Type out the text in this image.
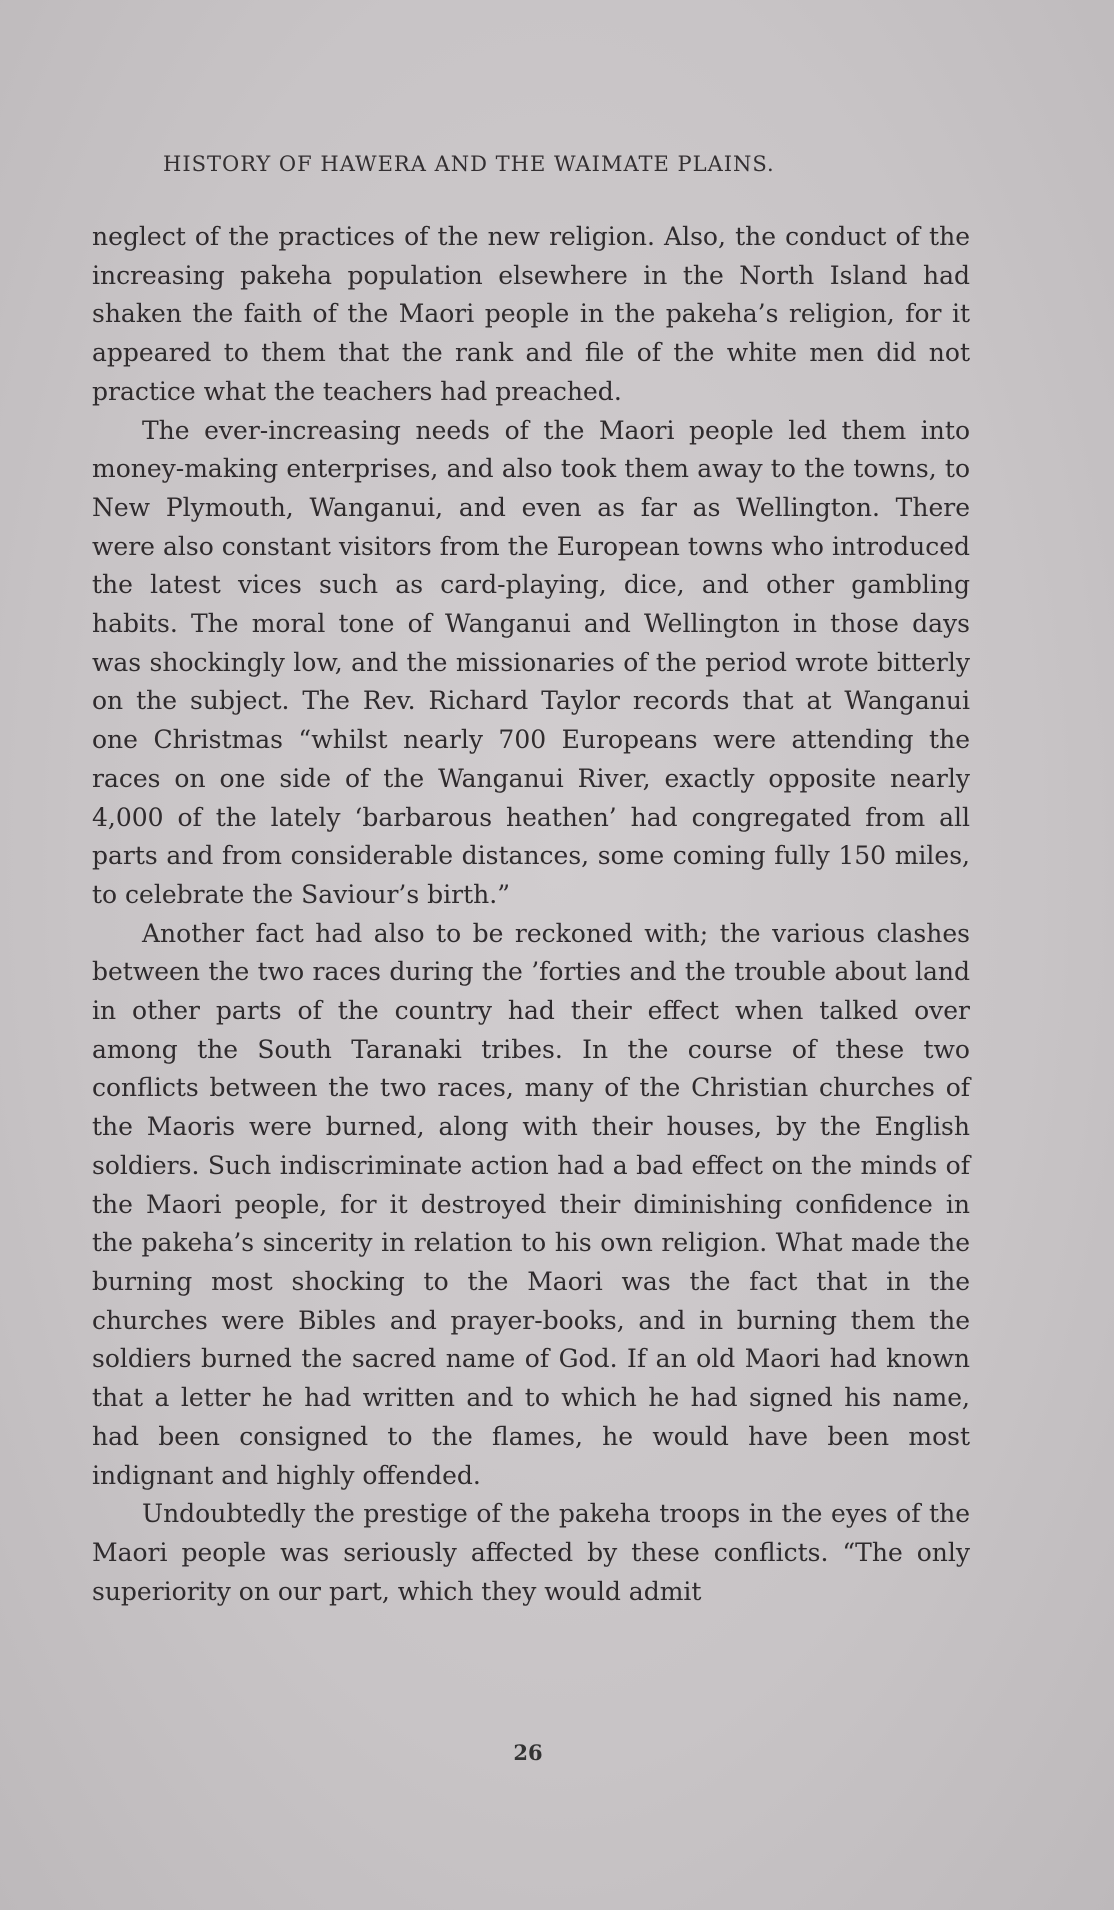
HISTORY OF HAWERA AND THE WAIMATE PLAINS.

neglect of the practices of the new religion. Also, the conduct of the increasing pakeha population elsewhere in the North Island had shaken the faith of the Maori people in the pakeha’s religion, for it appeared to them that the rank and file of the white men did not practice what the teachers had preached.

The ever-increasing needs of the Maori people led them into money-making enterprises, and also took them away to the towns, to New Plymouth, Wanganui, and even as far as Wellington. There were also constant visitors from the European towns who introduced the latest vices such as card-playing, dice, and other gambling habits. The moral tone of Wanganui and Wellington in those days was shockingly low, and the missionaries of the period wrote bitterly on the subject. The Rev. Richard Taylor records that at Wanganui one Christmas “whilst nearly 700 Europeans were attending the races on one side of the Wanganui River, exactly opposite nearly 4,000 of the lately ‘barbarous heathen’ had congregated from all parts and from considerable distances, some coming fully 150 miles, to celebrate the Saviour’s birth.”

Another fact had also to be reckoned with; the various clashes between the two races during the ’forties and the trouble about land in other parts of the country had their effect when talked over among the South Taranaki tribes. In the course of these two conflicts between the two races, many of the Christian churches of the Maoris were burned, along with their houses, by the English soldiers. Such indiscriminate action had a bad effect on the minds of the Maori people, for it destroyed their diminishing confidence in the pakeha’s sincerity in relation to his own religion. What made the burning most shocking to the Maori was the fact that in the churches were Bibles and prayer-books, and in burning them the soldiers burned the sacred name of God. If an old Maori had known that a letter he had written and to which he had signed his name, had been consigned to the flames, he would have been most indignant and highly offended.

Undoubtedly the prestige of the pakeha troops in the eyes of the Maori people was seriously affected by these conflicts. “The only superiority on our part, which they would admit

26
